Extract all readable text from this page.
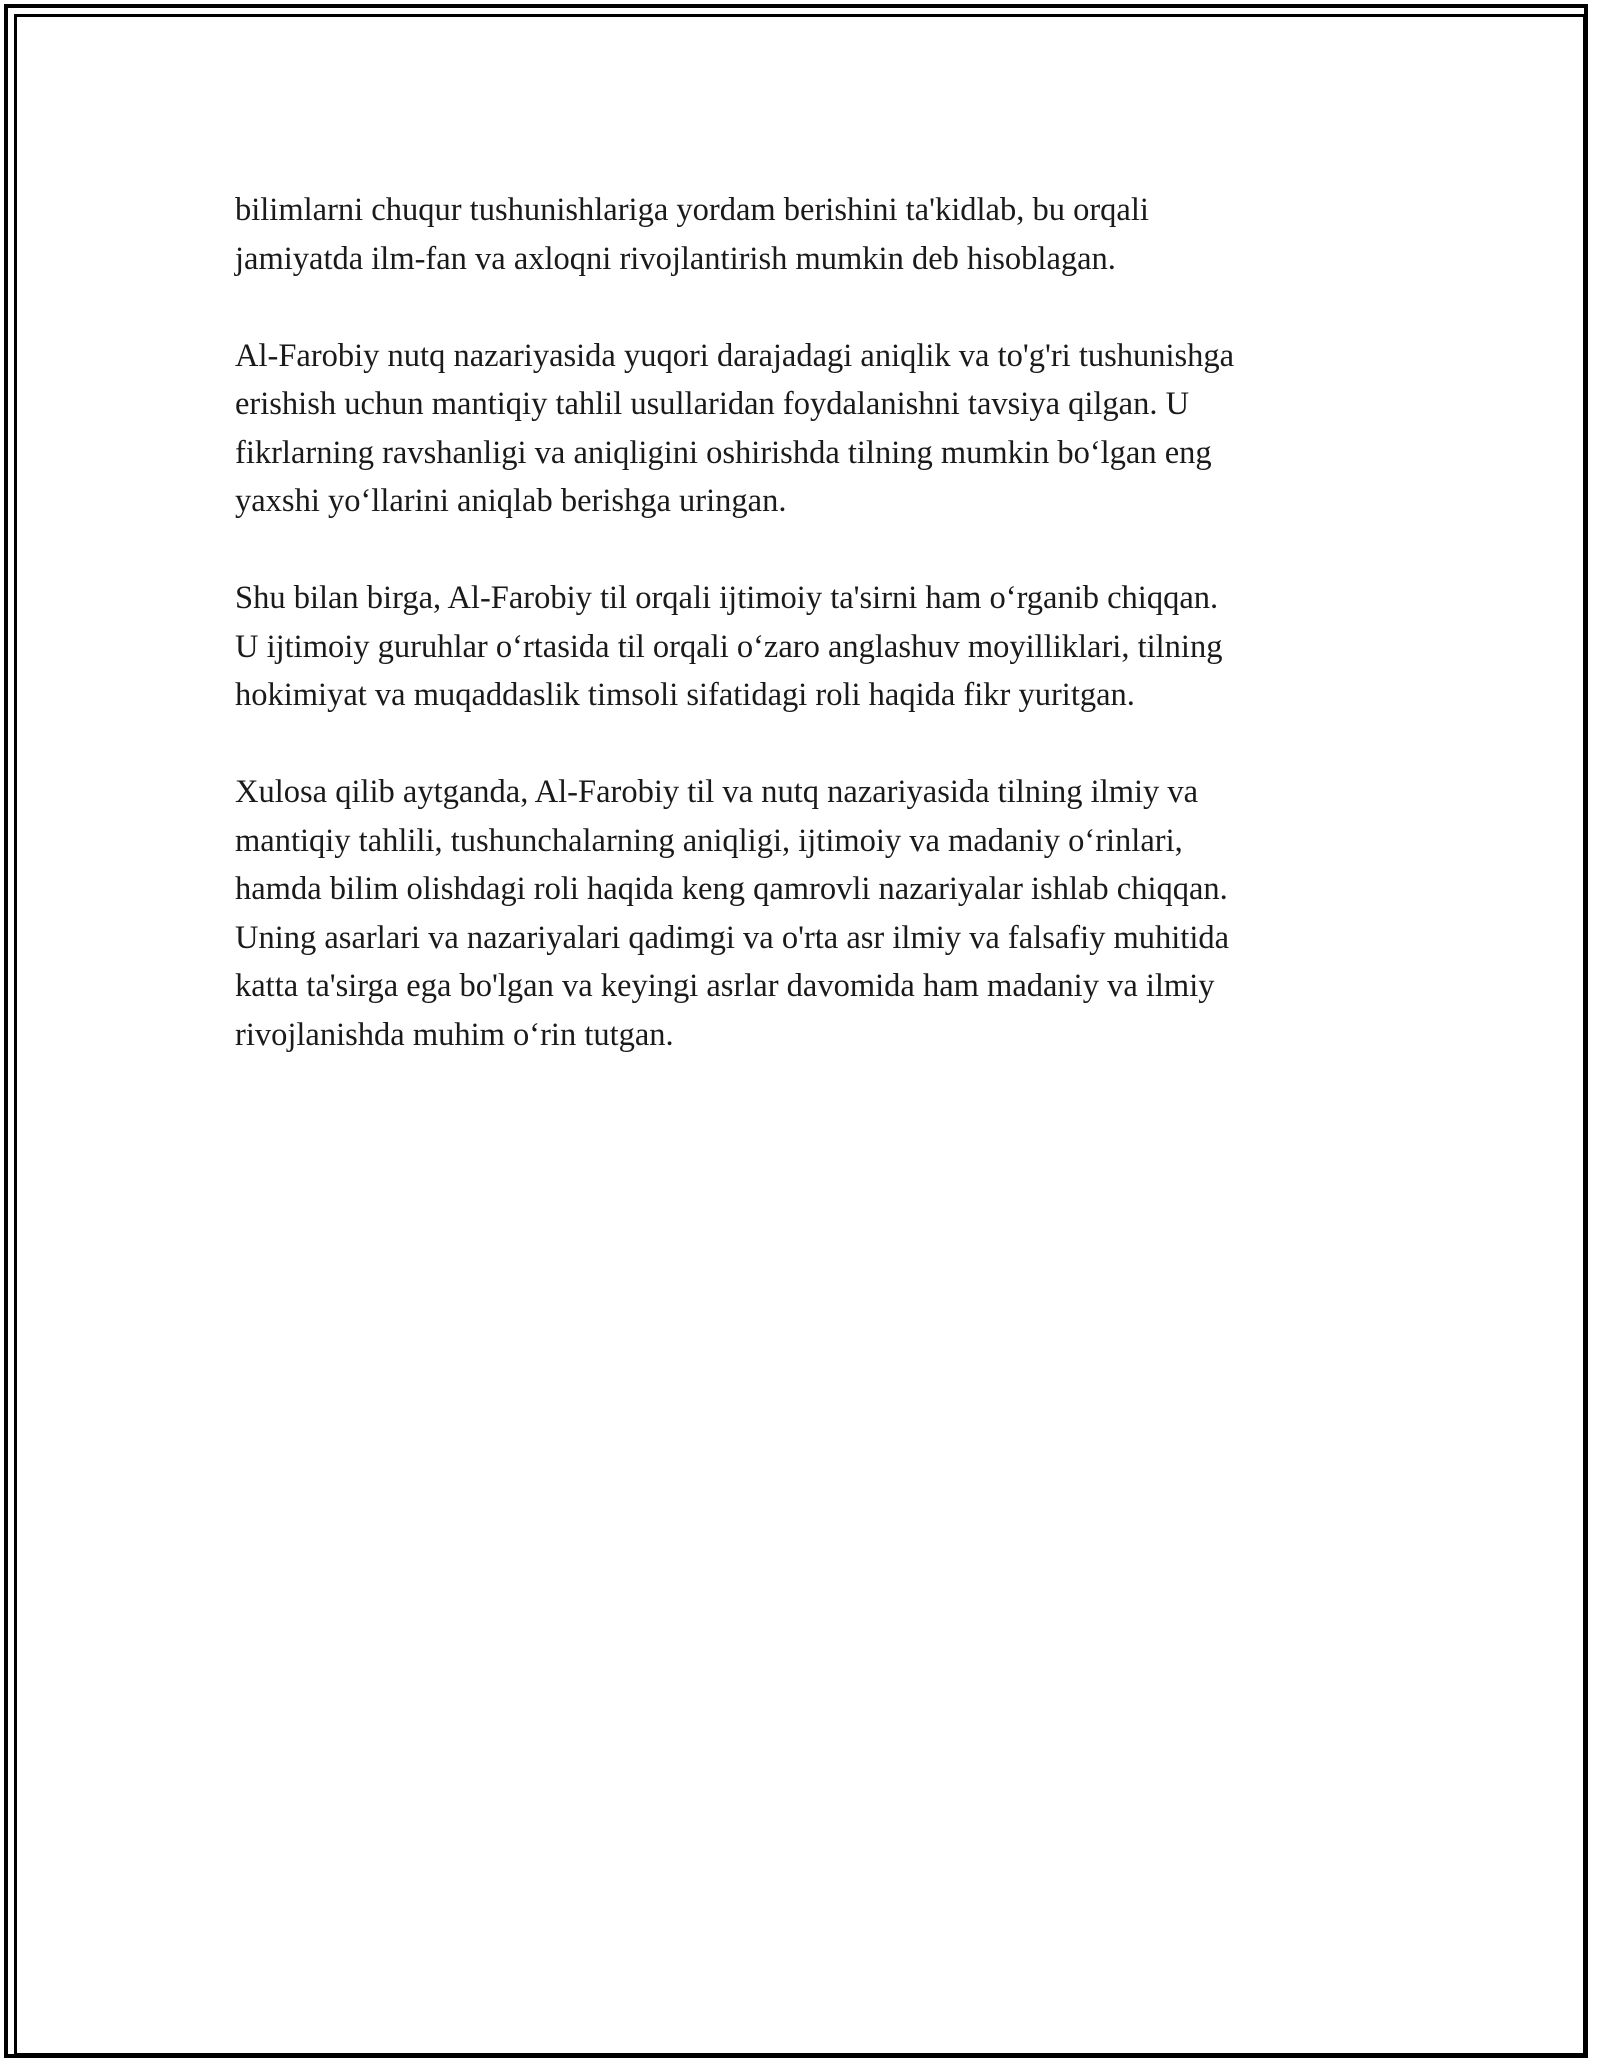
bilimlarni chuqur tushunishlariga yordam berishini ta'kidlab, bu orqali
jamiyatda ilm-fan va axloqni rivojlantirish mumkin deb hisoblagan.

Al-Farobiy nutq nazariyasida yuqori darajadagi aniqlik va to'g'ri tushunishga
erishish uchun mantiqiy tahlil usullaridan foydalanishni tavsiya qilgan. U
fikrlarning ravshanligi va aniqligini oshirishda tilning mumkin boʻlgan eng
yaxshi yoʻllarini aniqlab berishga uringan.

Shu bilan birga, Al-Farobiy til orqali ijtimoiy ta'sirni ham oʻrganib chiqqan.
U ijtimoiy guruhlar oʻrtasida til orqali oʻzaro anglashuv moyilliklari, tilning
hokimiyat va muqaddaslik timsoli sifatidagi roli haqida fikr yuritgan.

Xulosa qilib aytganda, Al-Farobiy til va nutq nazariyasida tilning ilmiy va
mantiqiy tahlili, tushunchalarning aniqligi, ijtimoiy va madaniy oʻrinlari,
hamda bilim olishdagi roli haqida keng qamrovli nazariyalar ishlab chiqqan.
Uning asarlari va nazariyalari qadimgi va o'rta asr ilmiy va falsafiy muhitida
katta ta'sirga ega bo'lgan va keyingi asrlar davomida ham madaniy va ilmiy
rivojlanishda muhim oʻrin tutgan.
